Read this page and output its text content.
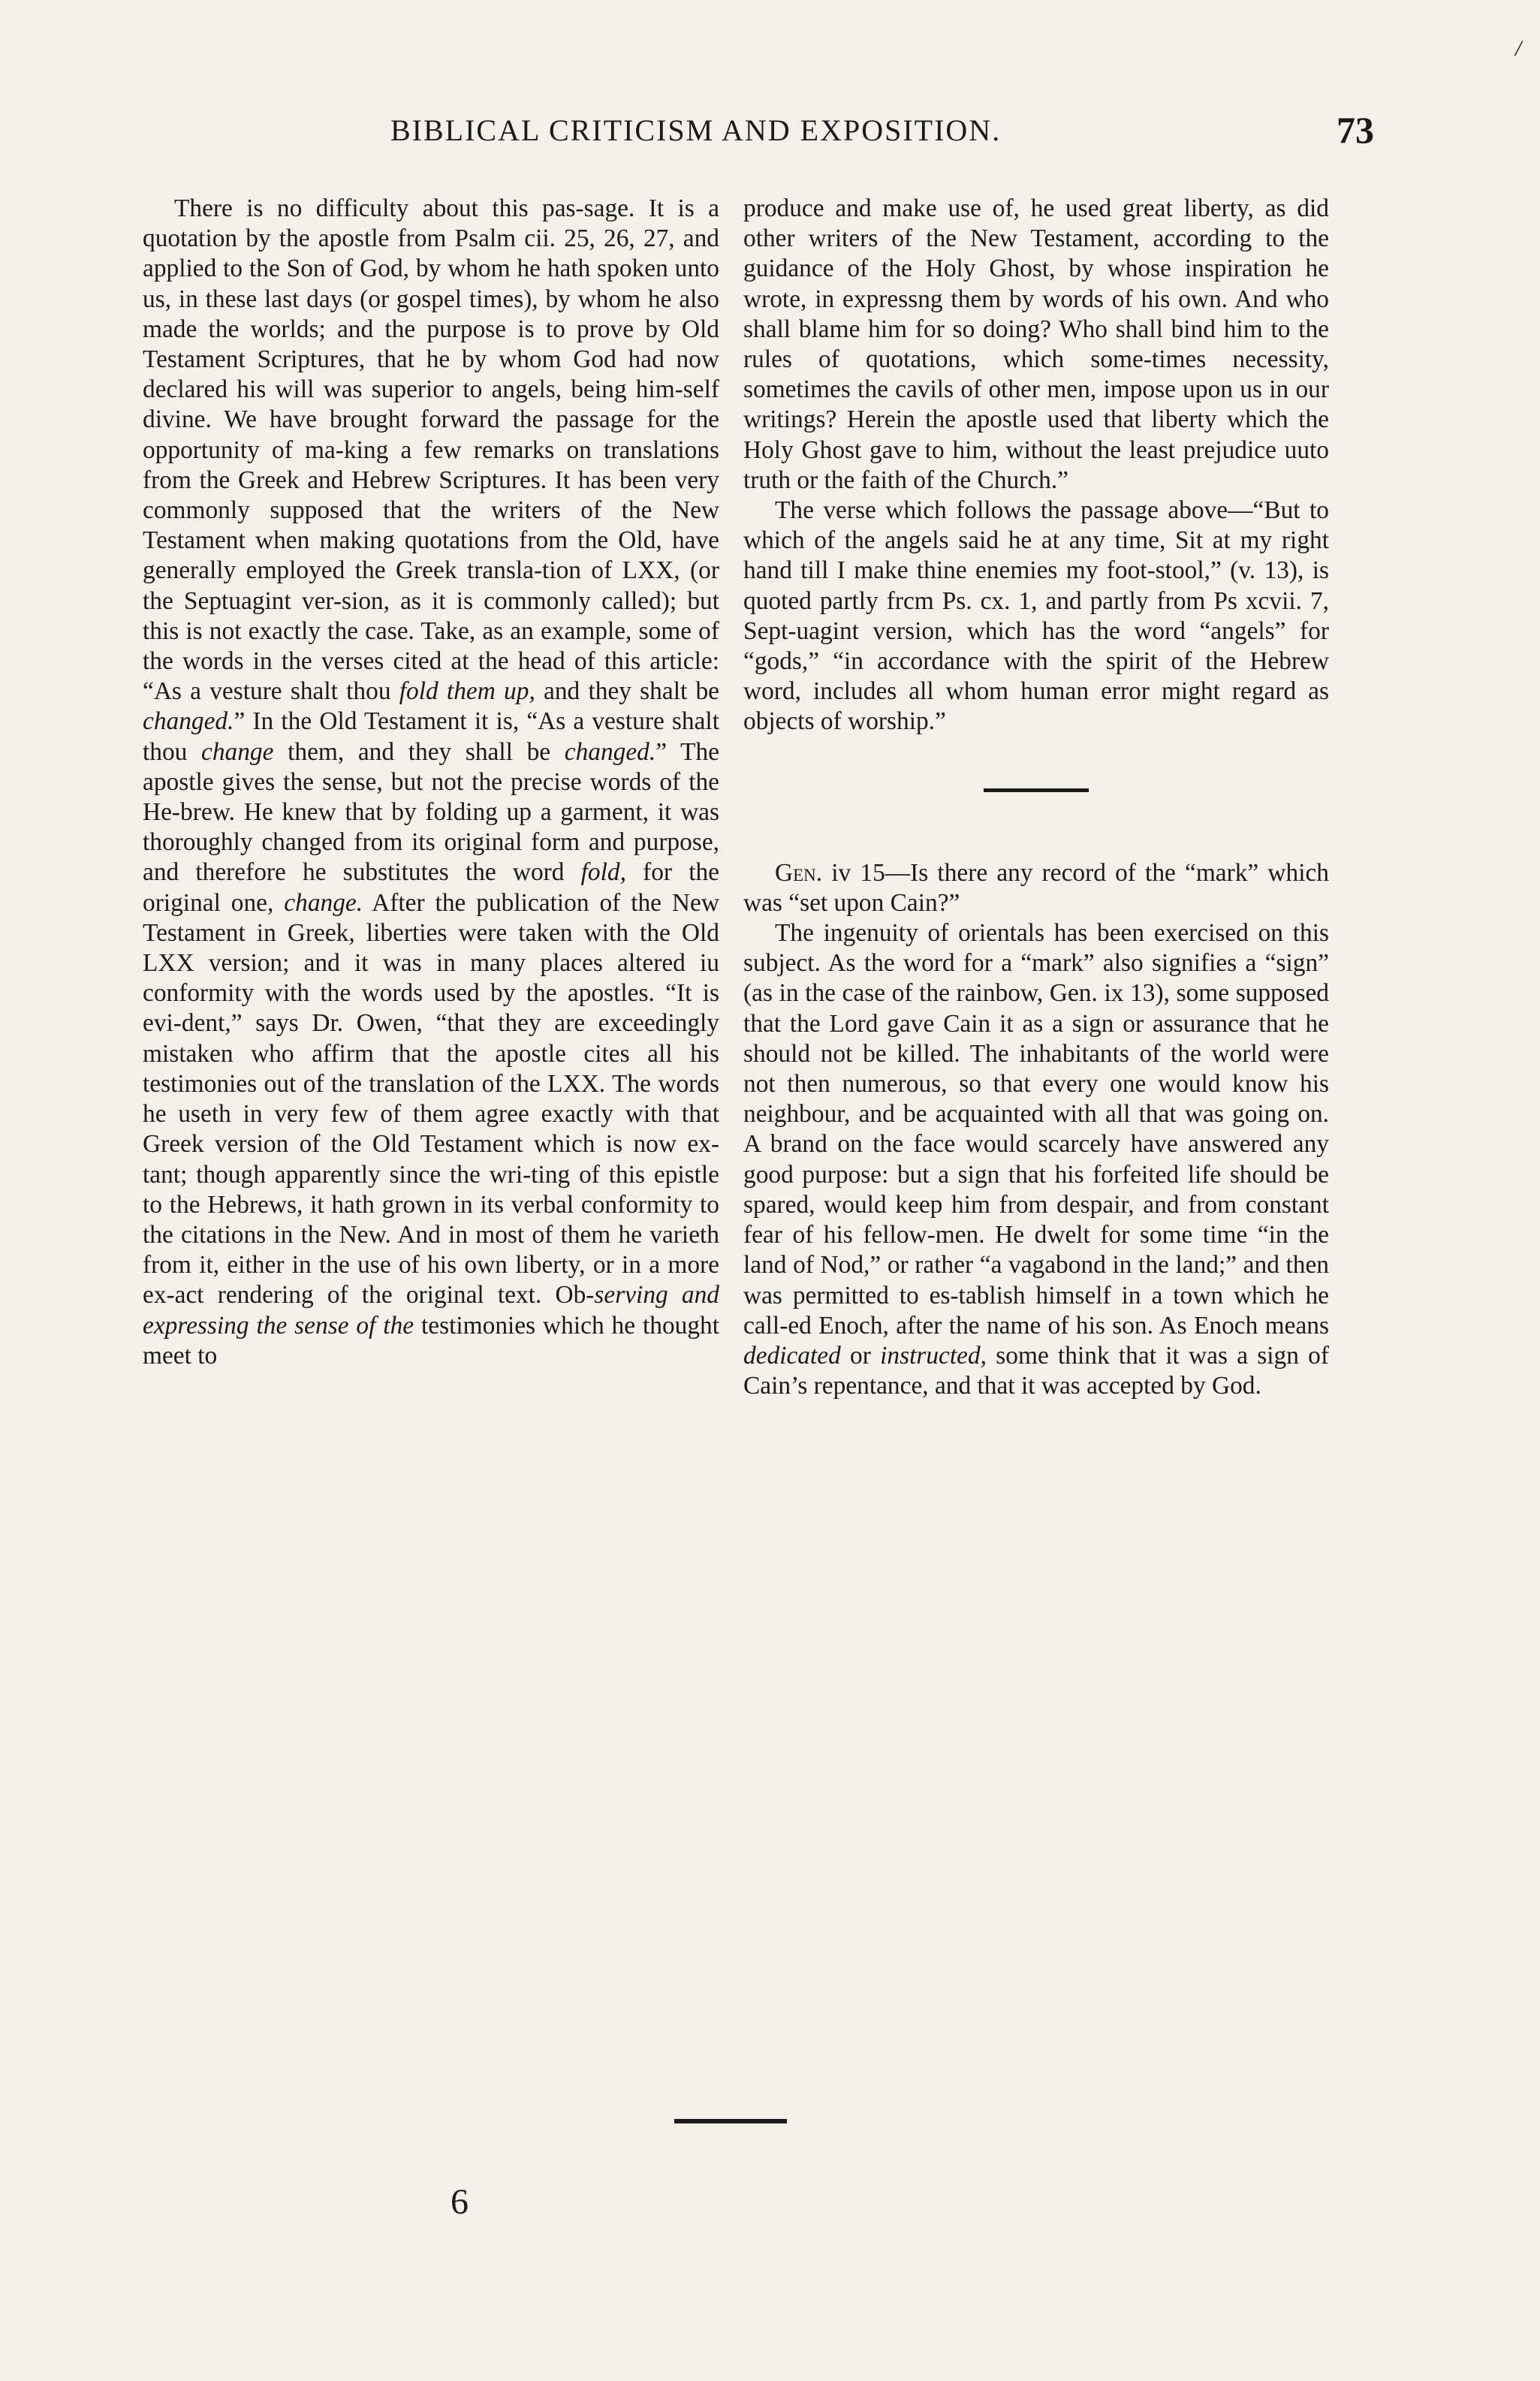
/
BIBLICAL CRITICISM AND EXPOSITION.	73

There is no difficulty about this pas-sage. It is a quotation by the apostle from Psalm cii. 25, 26, 27, and applied to the Son of God, by whom he hath spoken unto us, in these last days (or gospel times), by whom he also made the worlds; and the purpose is to prove by Old Testament Scriptures, that he by whom God had now declared his will was superior to angels, being him-self divine. We have brought forward the passage for the opportunity of ma-king a few remarks on translations from the Greek and Hebrew Scriptures. It has been very commonly supposed that the writers of the New Testament when making quotations from the Old, have generally employed the Greek transla-tion of LXX, (or the Septuagint ver-sion, as it is commonly called); but this is not exactly the case. Take, as an example, some of the words in the verses cited at the head of this article: “As a vesture shalt thou fold them up, and they shalt be changed.” In the Old Testament it is, “As a vesture shalt thou change them, and they shall be changed.” The apostle gives the sense, but not the precise words of the He-brew. He knew that by folding up a garment, it was thoroughly changed from its original form and purpose, and therefore he substitutes the word fold, for the original one, change. After the publication of the New Testament in Greek, liberties were taken with the Old LXX version; and it was in many places altered iu conformity with the words used by the apostles. “It is evi-dent,” says Dr. Owen, “that they are exceedingly mistaken who affirm that the apostle cites all his testimonies out of the translation of the LXX. The words he useth in very few of them agree exactly with that Greek version of the Old Testament which is now ex-tant; though apparently since the wri-ting of this epistle to the Hebrews, it hath grown in its verbal conformity to the citations in the New. And in most of them he varieth from it, either in the use of his own liberty, or in a more ex-act rendering of the original text. Ob-serving and expressing the sense of the testimonies which he thought meet to

produce and make use of, he used great liberty, as did other writers of the New Testament, according to the guidance of the Holy Ghost, by whose inspiration he wrote, in expressng them by words of his own. And who shall blame him for so doing? Who shall bind him to the rules of quotations, which some-times necessity, sometimes the cavils of other men, impose upon us in our writings? Herein the apostle used that liberty which the Holy Ghost gave to him, without the least prejudice uuto truth or the faith of the Church.”

The verse which follows the passage above—“But to which of the angels said he at any time, Sit at my right hand till I make thine enemies my foot-stool,” (v. 13), is quoted partly frcm Ps. cx. 1, and partly from Ps xcvii. 7, Sept-uagint version, which has the word “angels” for “gods,” “in accordance with the spirit of the Hebrew word, includes all whom human error might regard as objects of worship.”

Gen. iv 15—Is there any record of the “mark” which was “set upon Cain?”

The ingenuity of orientals has been exercised on this subject. As the word for a “mark” also signifies a “sign” (as in the case of the rainbow, Gen. ix 13), some supposed that the Lord gave Cain it as a sign or assurance that he should not be killed. The inhabitants of the world were not then numerous, so that every one would know his neighbour, and be acquainted with all that was going on. A brand on the face would scarcely have answered any good purpose: but a sign that his forfeited life should be spared, would keep him from despair, and from constant fear of his fellow-men. He dwelt for some time “in the land of Nod,” or rather “a vagabond in the land;” and then was permitted to es-tablish himself in a town which he call-ed Enoch, after the name of his son. As Enoch means dedicated or instructed, some think that it was a sign of Cain’s repentance, and that it was accepted by God.

6
